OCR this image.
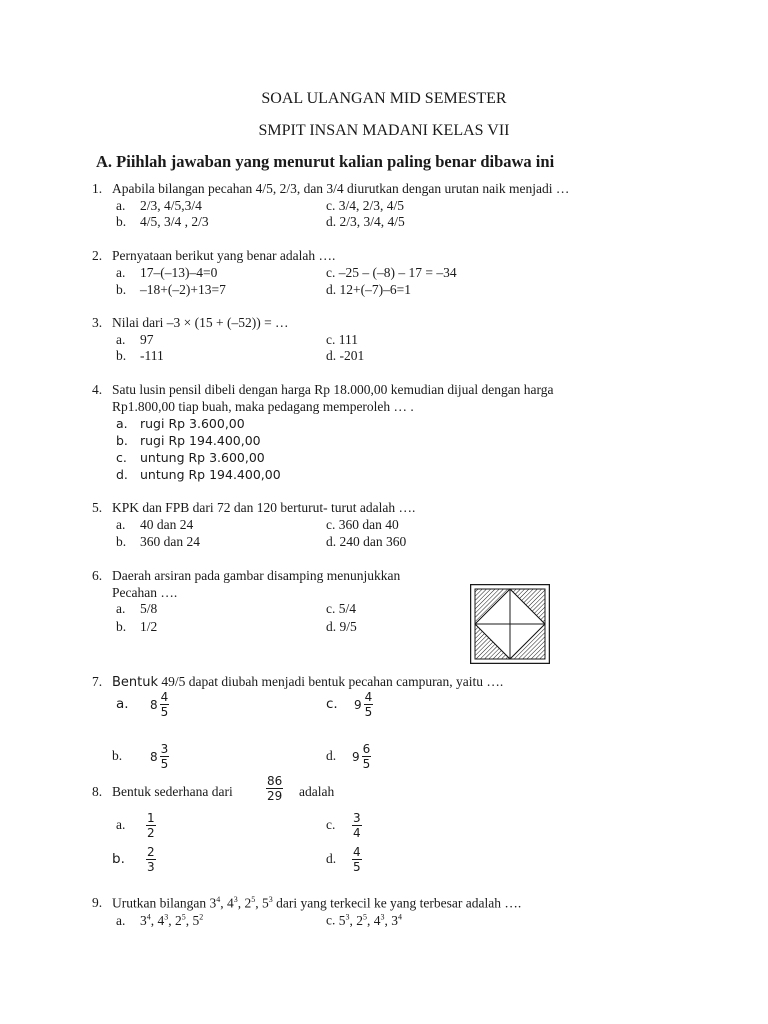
SOAL ULANGAN MID SEMESTER
SMPIT INSAN MADANI KELAS VII
A. Piihlah jawaban yang menurut kalian paling benar dibawa ini
1. Apabila bilangan pecahan 4/5, 2/3, dan 3/4 diurutkan dengan urutan naik menjadi …
a. 2/3, 4/5,3/4	c. 3/4, 2/3, 4/5
b. 4/5, 3/4 , 2/3	d. 2/3, 3/4, 4/5
2. Pernyataan berikut yang benar adalah ….
a. 17–(–13)–4=0	c. –25 – (–8) – 17 = –34
b. –18+(–2)+13=7	d. 12+(–7)–6=1
3. Nilai dari –3 × (15 + (–52)) = …
a. 97	c. 111
b. -111	d. -201
4. Satu lusin pensil dibeli dengan harga Rp 18.000,00 kemudian dijual dengan harga
Rp1.800,00 tiap buah, maka pedagang memperoleh … .
a. rugi Rp 3.600,00
b. rugi Rp 194.400,00
c. untung Rp 3.600,00
d. untung Rp 194.400,00
5. KPK dan FPB dari 72 dan 120 berturut- turut adalah ….
a. 40 dan 24	c. 360 dan 40
b. 360 dan 24	d. 240 dan 360
6. Daerah arsiran pada gambar disamping menunjukkan
Pecahan ….
a. 5/8	c. 5/4
b. 1/2	d. 9/5
7. Bentuk 49/5 dapat diubah menjadi bentuk pecahan campuran, yaitu ….
a. $8 \frac{4}{5}$	c. $9 \frac{4}{5}$
b. $8 \frac{3}{5}$	d. $9 \frac{6}{5}$
8. Bentuk sederhana dari	$\frac{86}{29}$ adalah
a. $\frac{1}{2}$	c. $\frac{3}{4}$
b. $\frac{2}{3}$	d. $\frac{4}{5}$
9. Urutkan bilangan $3^4$, $4^3$, $2^5$, $5^3$ dari yang terkecil ke yang terbesar adalah ….
a. $3^4$, $4^3$, $2^5$, $5^2$	c. $5^3$, $2^5$, $4^3$, $3^4$
